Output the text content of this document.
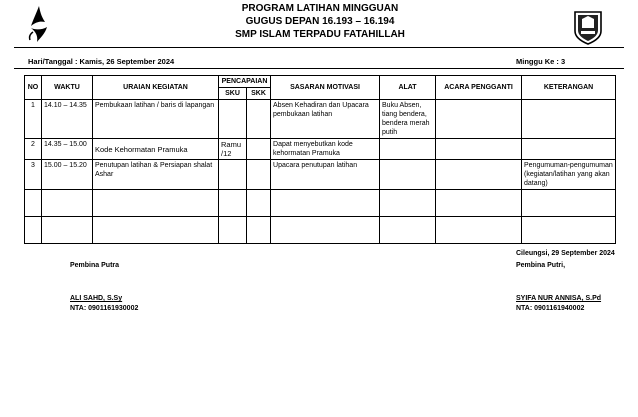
PROGRAM LATIHAN MINGGUAN
GUGUS DEPAN 16.193 – 16.194
SMP ISLAM TERPADU FATAHILLAH
Hari/Tanggal : Kamis, 26 September 2024	Minggu Ke : 3
NO	WAKTU	URAIAN KEGIATAN	PENCAPAIAN		SASARAN MOTIVASI	ALAT	ACARA PENGGANTI	KETERANGAN
			SKU	SKK				
1	14.10 – 14.35	Pembukaan latihan / baris di lapangan			Absen Kehadiran dan Upacara pembukaan latihan	Buku Absen, tiang bendera, bendera merah putih		
2	14.35 – 15.00	Kode Kehormatan Pramuka	Ramu /12		Dapat menyebutkan kode kehormatan Pramuka			
3	15.00 – 15.20	Penutupan latihan & Persiapan shalat Ashar			Upacara penutupan latihan			Pengumuman-pengumuman (kegiatan/latihan yang akan datang)

Cileungsi, 29 September 2024
Pembina Putra	Pembina Putri,
ALI SAHD, S.Sy
NTA: 0901161930002
SYIFA NUR ANNISA, S.Pd
NTA: 0901161940002
